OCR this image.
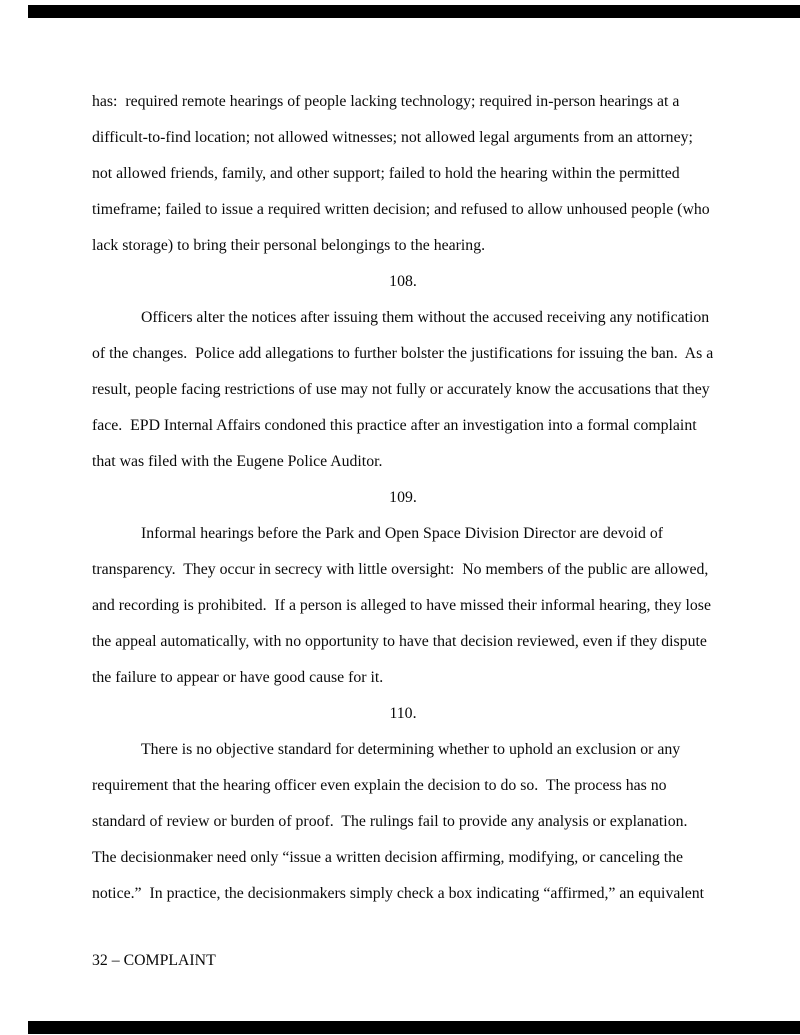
has:  required remote hearings of people lacking technology; required in-person hearings at a difficult-to-find location; not allowed witnesses; not allowed legal arguments from an attorney; not allowed friends, family, and other support; failed to hold the hearing within the permitted timeframe; failed to issue a required written decision; and refused to allow unhoused people (who lack storage) to bring their personal belongings to the hearing.

108.

Officers alter the notices after issuing them without the accused receiving any notification of the changes.  Police add allegations to further bolster the justifications for issuing the ban.  As a result, people facing restrictions of use may not fully or accurately know the accusations that they face.  EPD Internal Affairs condoned this practice after an investigation into a formal complaint that was filed with the Eugene Police Auditor.

109.

Informal hearings before the Park and Open Space Division Director are devoid of transparency.  They occur in secrecy with little oversight:  No members of the public are allowed, and recording is prohibited.  If a person is alleged to have missed their informal hearing, they lose the appeal automatically, with no opportunity to have that decision reviewed, even if they dispute the failure to appear or have good cause for it.

110.

There is no objective standard for determining whether to uphold an exclusion or any requirement that the hearing officer even explain the decision to do so.  The process has no standard of review or burden of proof.  The rulings fail to provide any analysis or explanation.  The decisionmaker need only “issue a written decision affirming, modifying, or canceling the notice.”  In practice, the decisionmakers simply check a box indicating “affirmed,” an equivalent

32 – COMPLAINT
